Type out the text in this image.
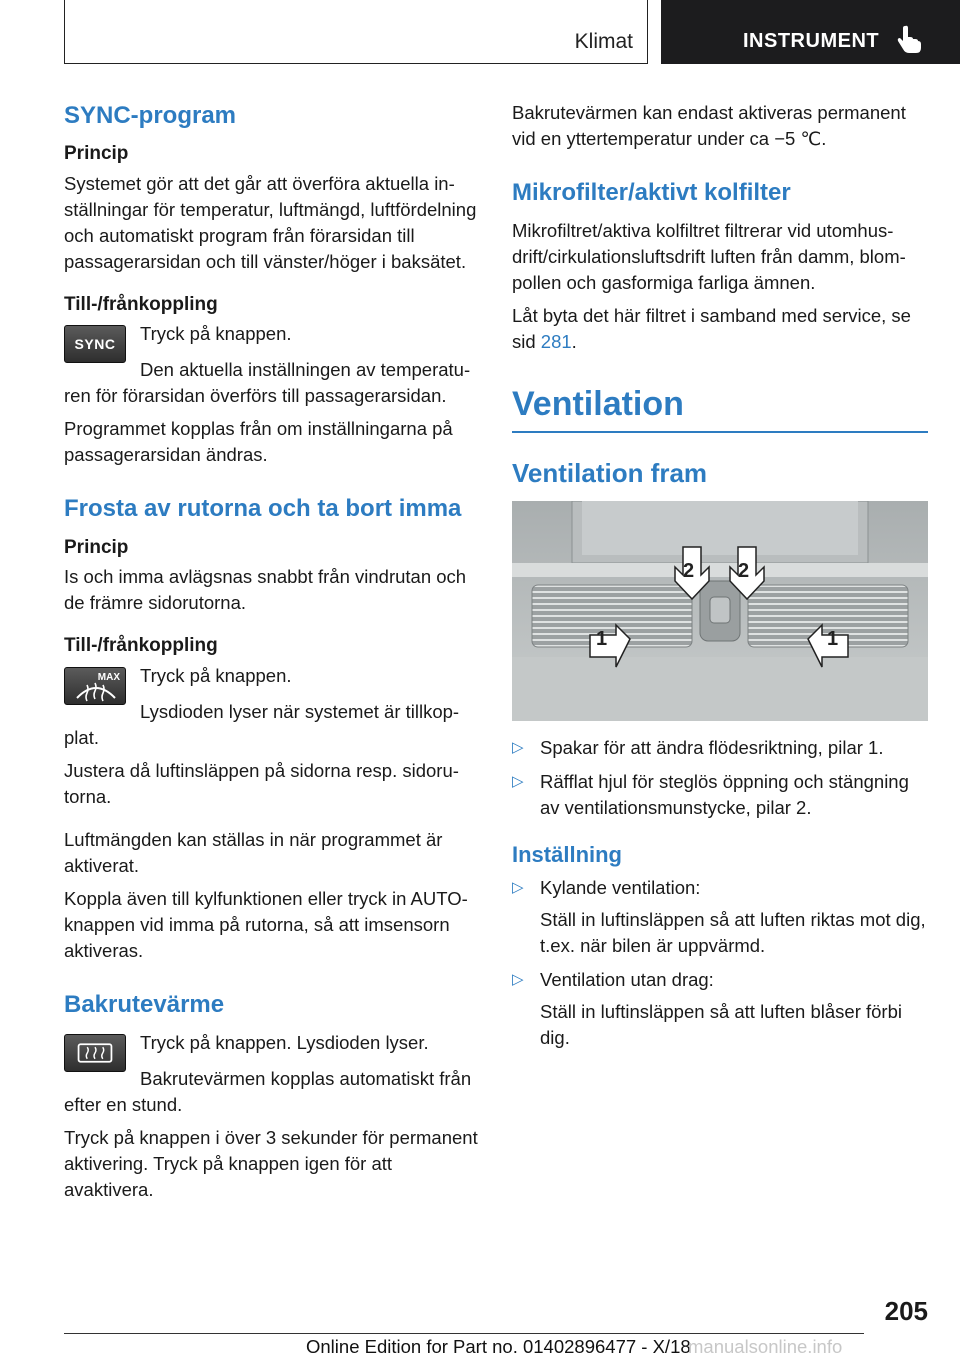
Klimat	INSTRUMENT
SYNC-program
Princip

Systemet gör att det går att överföra aktuella inställningar för temperatur, luftmängd, luftfördelning och automatiskt program från förarsidan till passagerarsidan och till vänster/höger i baksätet.

Till-/frånkoppling
SYNC Tryck på knappen.

Den aktuella inställningen av temperaturen för förarsidan överförs till passagerarsidan.

Programmet kopplas från om inställningarna på passagerarsidan ändras.

Frosta av rutorna och ta bort imma
Princip

Is och imma avlägsnas snabbt från vindrutan och de främre sidorutorna.

Till-/frånkoppling
MAX Tryck på knappen.

Lysdioden lyser när systemet är tillkopplat.

Justera då luftinsläppen på sidorna resp. sidorutorna.

Luftmängden kan ställas in när programmet är aktiverat.

Koppla även till kylfunktionen eller tryck in AUTO-knappen vid imma på rutorna, så att imsensorn aktiveras.

Bakrutevärme

Tryck på knappen. Lysdioden lyser.

Bakrutevärmen kopplas automatiskt från efter en stund.

Tryck på knappen i över 3 sekunder för permanent aktivering. Tryck på knappen igen för att avaktivera.

Bakrutevärmen kan endast aktiveras permanent vid en yttertemperatur under ca −5 ℃.

Mikrofilter/aktivt kolfilter

Mikrofiltret/aktiva kolfiltret filtrerar vid utomhusdrift/cirkulationsluftsdrift luften från damm, blompollen och gasformiga farliga ämnen.

Låt byta det här filtret i samband med service, se sid 281.

Ventilation
Ventilation fram
2 2
1	1
▷ Spakar för att ändra flödesriktning, pilar 1.
▷ Räfflat hjul för steglös öppning och stängning av ventilationsmunstycke, pilar 2.
Inställning
▷ Kylande ventilation:
Ställ in luftinsläppen så att luften riktas mot dig, t.ex. när bilen är uppvärmd.
▷ Ventilation utan drag:
Ställ in luftinsläppen så att luften blåser förbi dig.
205
Online Edition for Part no. 01402896477 - X/18
manualsonline.info
